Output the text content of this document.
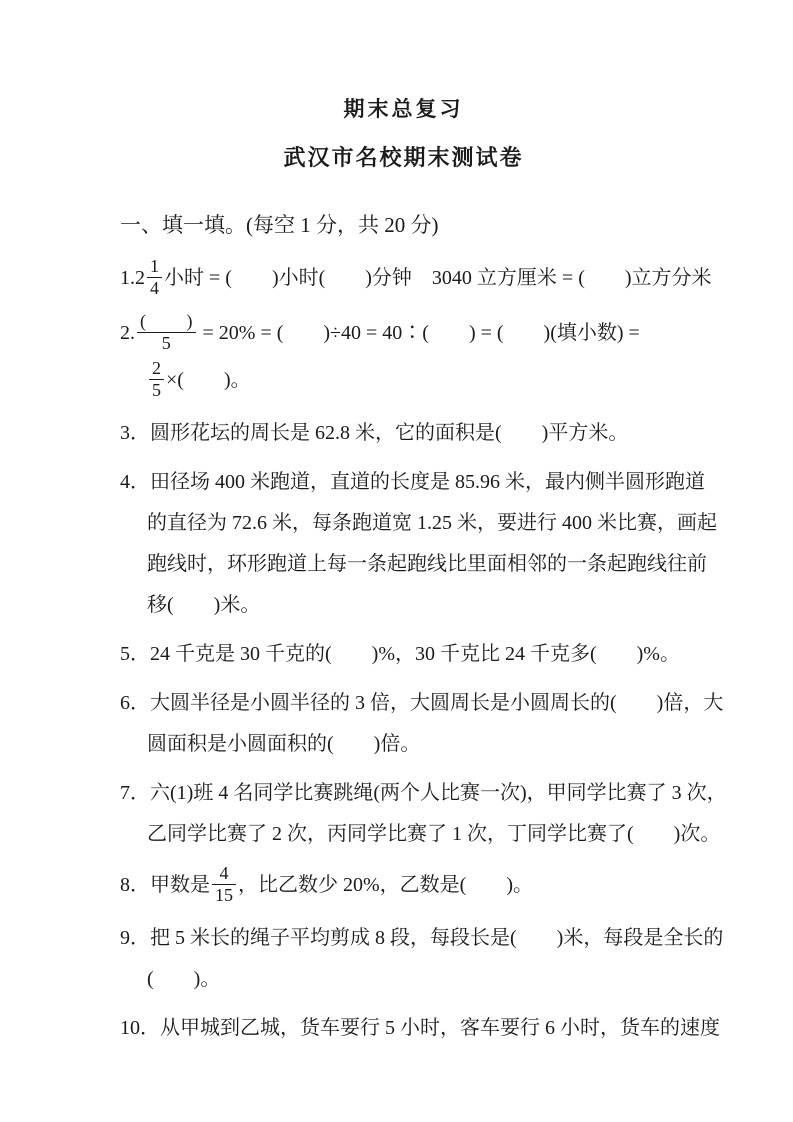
期末总复习
武汉市名校期末测试卷
一、填一填。(每空 1 分，共 20 分)
$1.2 \frac{1}{4}$ 小时 = (　　)小时(　　)分钟　3040 立方厘米 = (　　)立方分米
2. $\frac{( )}{5} = 20\%$ = (　　)÷40 = 40∶(　　) = (　　)(填小数) =
$\frac{2}{5}$ ×(　　)。
3．圆形花坛的周长是 62.8 米，它的面积是(　　)平方米。
4．田径场 400 米跑道，直道的长度是 85.96 米，最内侧半圆形跑道
的直径为 72.6 米，每条跑道宽 1.25 米，要进行 400 米比赛，画起
跑线时，环形跑道上每一条起跑线比里面相邻的一条起跑线往前
移(　　)米。
5．24 千克是 30 千克的(　　)%，30 千克比 24 千克多(　　)%。
6．大圆半径是小圆半径的 3 倍，大圆周长是小圆周长的(　　)倍，大
圆面积是小圆面积的(　　)倍。
7．六(1)班 4 名同学比赛跳绳(两个人比赛一次)，甲同学比赛了 3 次，
乙同学比赛了 2 次，丙同学比赛了 1 次，丁同学比赛了(　　)次。
8．甲数是 $\frac{4}{15}$ ，比乙数少 20%，乙数是(　　)。
9．把 5 米长的绳子平均剪成 8 段，每段长是(　　)米，每段是全长的
(　　)。
10．从甲城到乙城，货车要行 5 小时，客车要行 6 小时，货车的速度
